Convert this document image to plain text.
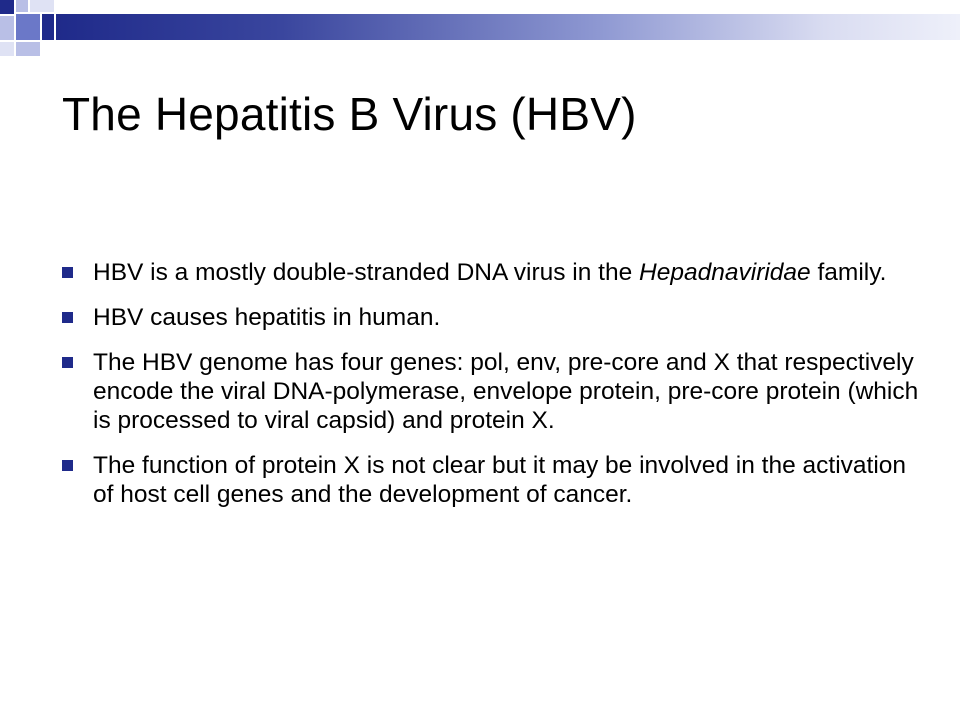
The Hepatitis B Virus (HBV)
HBV is a mostly double-stranded DNA virus in the Hepadnaviridae family.
HBV causes hepatitis in human.
The HBV genome has four genes: pol, env, pre-core and X that respectively encode the viral DNA-polymerase, envelope protein, pre-core protein (which is processed to viral capsid) and protein X.
The function of protein X is not clear but it may be involved in the activation of host cell genes and the development of cancer.
